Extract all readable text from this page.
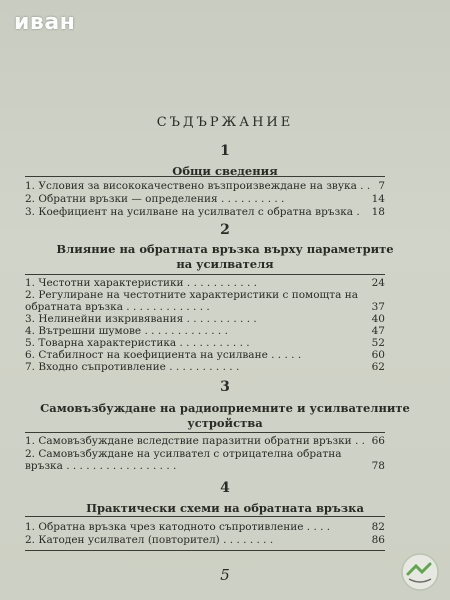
иван
СЪДЪРЖАНИЕ
1
Общи сведения
1. Условия за висококачествено възпроизвеждане на звука . . 7
2. Обратни връзки — определения . . . . . . . . . .	14
3. Коефициент на усилване на усилвател с обратна връзка .	18
2
Влияние на обратната връзка върху параметрите
на усилвателя
1. Честотни характеристики . . . . . . . . . . .	24
2. Регулиране на честотните характеристики с помощта на
обратната връзка . . . . . . . . . . . . .	37
3. Нелинейни изкривявания . . . . . . . . . . .	40
4. Вътрешни шумове . . . . . . . . . . . . .	47
5. Товарна характеристика . . . . . . . . . . .	52
6. Стабилност на коефициента на усилване . . . . .	60
7. Входно съпротивление . . . . . . . . . . .	62
3
Самовъзбуждане на радиоприемните и усилвателните
устройства
1. Самовъзбуждане вследствие паразитни обратни връзки . . 66
2. Самовъзбуждане на усилвател с отрицателна обратна
връзка . . . . . . . . . . . . . . . . .	78
4
Практически схеми на обратната връзка
1. Обратна връзка чрез катодното съпротивление . . . .	82
2. Катоден усилвател (повторител) . . . . . . . .	86
5
